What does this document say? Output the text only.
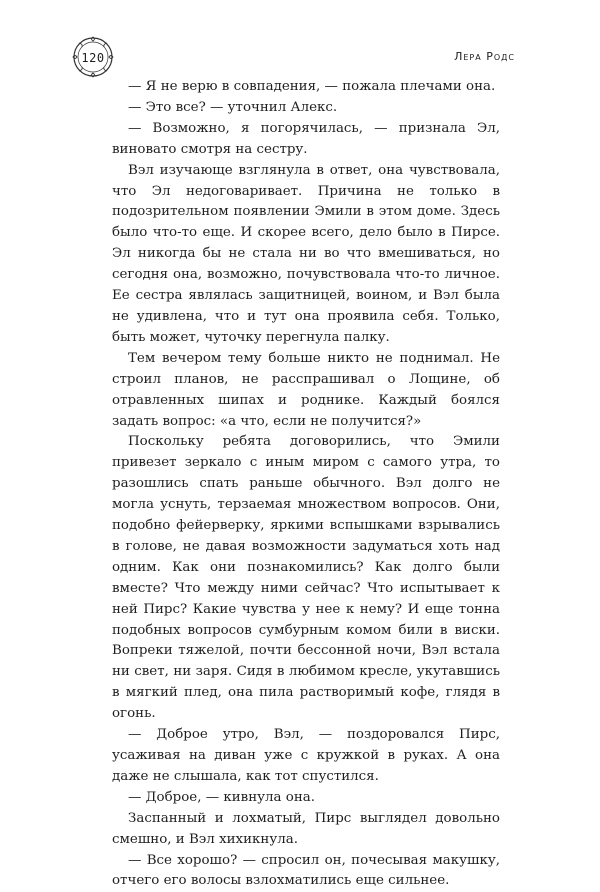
120	Лера Родс

— Я не верю в совпадения, — пожала плечами она.

— Это все? — уточнил Алекс.

— Возможно, я погорячилась, — признала Эл, виновато смотря на сестру.

Вэл изучающе взглянула в ответ, она чувствовала, что Эл недоговаривает. Причина не только в подозрительном появлении Эмили в этом доме. Здесь было что-то еще. И скорее всего, дело было в Пирсе. Эл никогда бы не стала ни во что вмешиваться, но сегодня она, возможно, почувствовала что-то личное. Ее сестра являлась защитницей, воином, и Вэл была не удивлена, что и тут она проявила себя. Только, быть может, чуточку перегнула палку.

Тем вечером тему больше никто не поднимал. Не строил планов, не расспрашивал о Лощине, об отравленных шипах и роднике. Каждый боялся задать вопрос: «а что, если не получится?»

Поскольку ребята договорились, что Эмили привезет зеркало с иным миром с самого утра, то разошлись спать раньше обычного. Вэл долго не могла уснуть, терзаемая множеством вопросов. Они, подобно фейерверку, яркими вспышками взрывались в голове, не давая возможности задуматься хоть над одним. Как они познакомились? Как долго были вместе? Что между ними сейчас? Что испытывает к ней Пирс? Какие чувства у нее к нему? И еще тонна подобных вопросов сумбурным комом били в виски. Вопреки тяжелой, почти бессонной ночи, Вэл встала ни свет, ни заря. Сидя в любимом кресле, укутавшись в мягкий плед, она пила растворимый кофе, глядя в огонь.

— Доброе утро, Вэл, — поздоровался Пирс, усаживая на диван уже с кружкой в руках. А она даже не слышала, как тот спустился.

— Доброе, — кивнула она.

Заспанный и лохматый, Пирс выглядел довольно смешно, и Вэл хихикнула.

— Все хорошо? — спросил он, почесывая макушку, отчего его волосы взлохматились еще сильнее.
